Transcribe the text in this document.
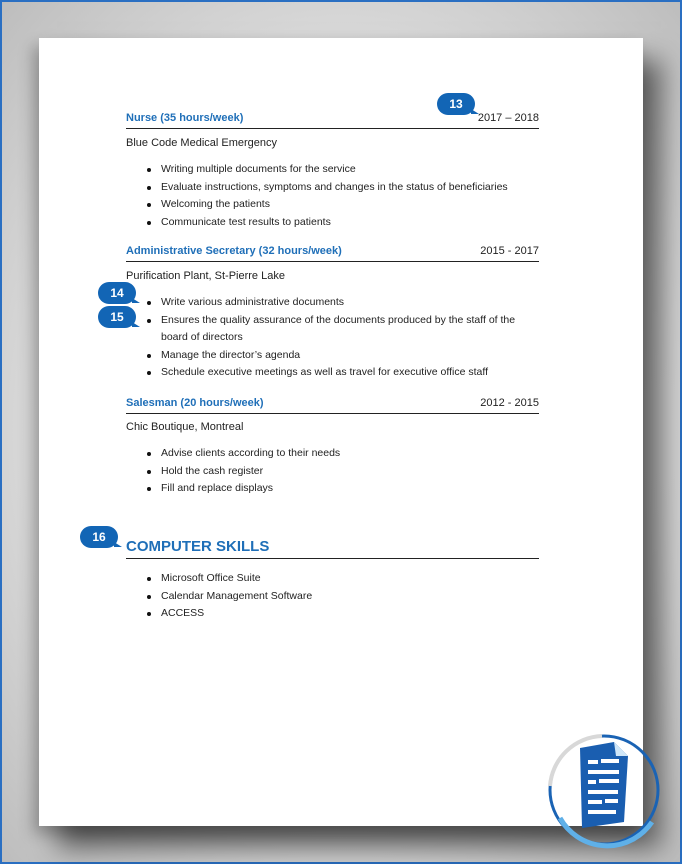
Nurse (35 hours/week)	2017 – 2018
Blue Code Medical Emergency
Writing multiple documents for the service
Evaluate instructions, symptoms and changes in the status of beneficiaries
Welcoming the patients
Communicate test results to patients
Administrative Secretary (32 hours/week)	2015 - 2017
Purification Plant, St-Pierre Lake
Write various administrative documents
Ensures the quality assurance of the documents produced by the staff of the board of directors
Manage the director’s agenda
Schedule executive meetings as well as travel for executive office staff
Salesman (20 hours/week)	2012 - 2015
Chic Boutique, Montreal
Advise clients according to their needs
Hold the cash register
Fill and replace displays
COMPUTER SKILLS
Microsoft Office Suite
Calendar Management Software
ACCESS
13
14
15
16
